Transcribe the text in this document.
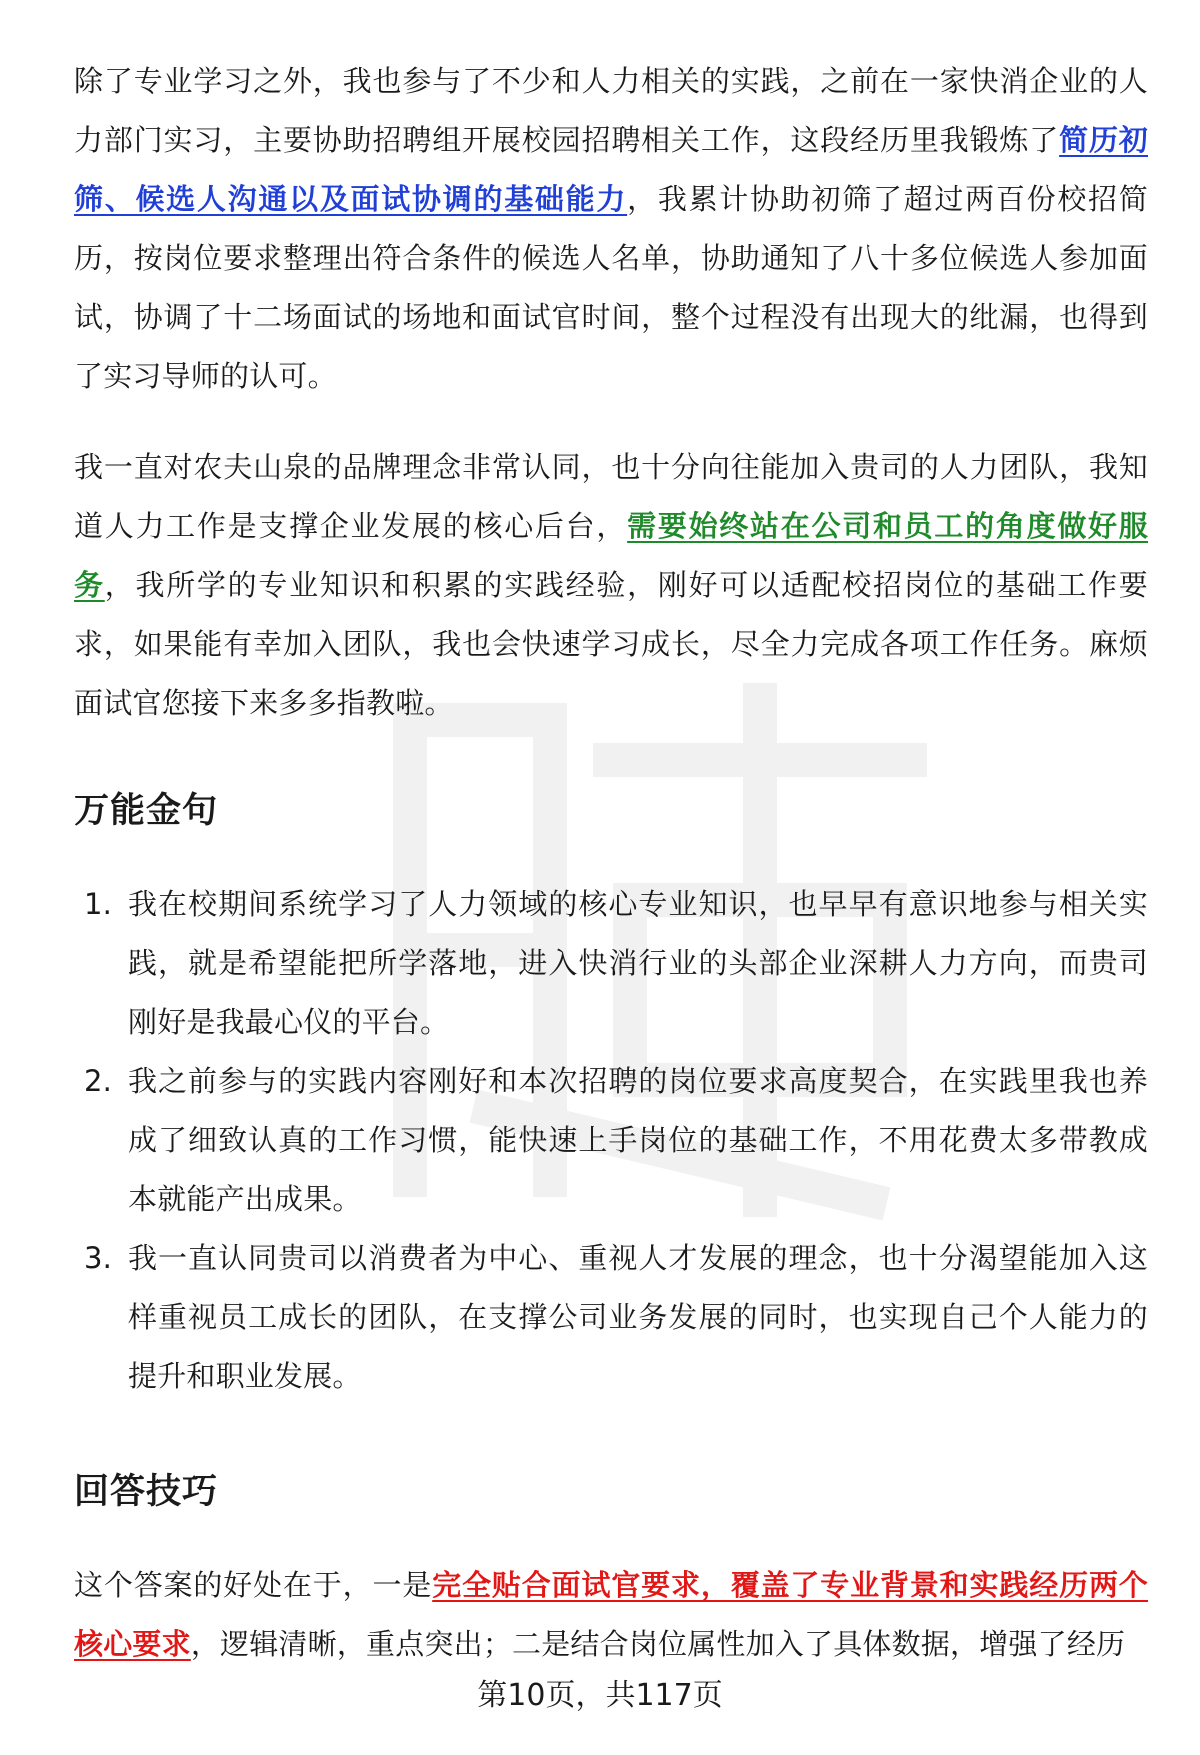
除了专业学习之外，我也参与了不少和人力相关的实践，之前在一家快消企业的人力部门实习，主要协助招聘组开展校园招聘相关工作，这段经历里我锻炼了简历初筛、候选人沟通以及面试协调的基础能力，我累计协助初筛了超过两百份校招简历，按岗位要求整理出符合条件的候选人名单，协助通知了八十多位候选人参加面试，协调了十二场面试的场地和面试官时间，整个过程没有出现大的纰漏，也得到了实习导师的认可。

我一直对农夫山泉的品牌理念非常认同，也十分向往能加入贵司的人力团队，我知道人力工作是支撑企业发展的核心后台，需要始终站在公司和员工的角度做好服务，我所学的专业知识和积累的实践经验，刚好可以适配校招岗位的基础工作要求，如果能有幸加入团队，我也会快速学习成长，尽全力完成各项工作任务。麻烦面试官您接下来多多指教啦。

万能金句
1. 我在校期间系统学习了人力领域的核心专业知识，也早早有意识地参与相关实践，就是希望能把所学落地，进入快消行业的头部企业深耕人力方向，而贵司刚好是我最心仪的平台。
2. 我之前参与的实践内容刚好和本次招聘的岗位要求高度契合，在实践里我也养成了细致认真的工作习惯，能快速上手岗位的基础工作，不用花费太多带教成本就能产出成果。
3. 我一直认同贵司以消费者为中心、重视人才发展的理念，也十分渴望能加入这样重视员工成长的团队，在支撑公司业务发展的同时，也实现自己个人能力的提升和职业发展。
回答技巧

这个答案的好处在于，一是完全贴合面试官要求，覆盖了专业背景和实践经历两个核心要求，逻辑清晰，重点突出；二是结合岗位属性加入了具体数据，增强了经历

第10页，共117页
